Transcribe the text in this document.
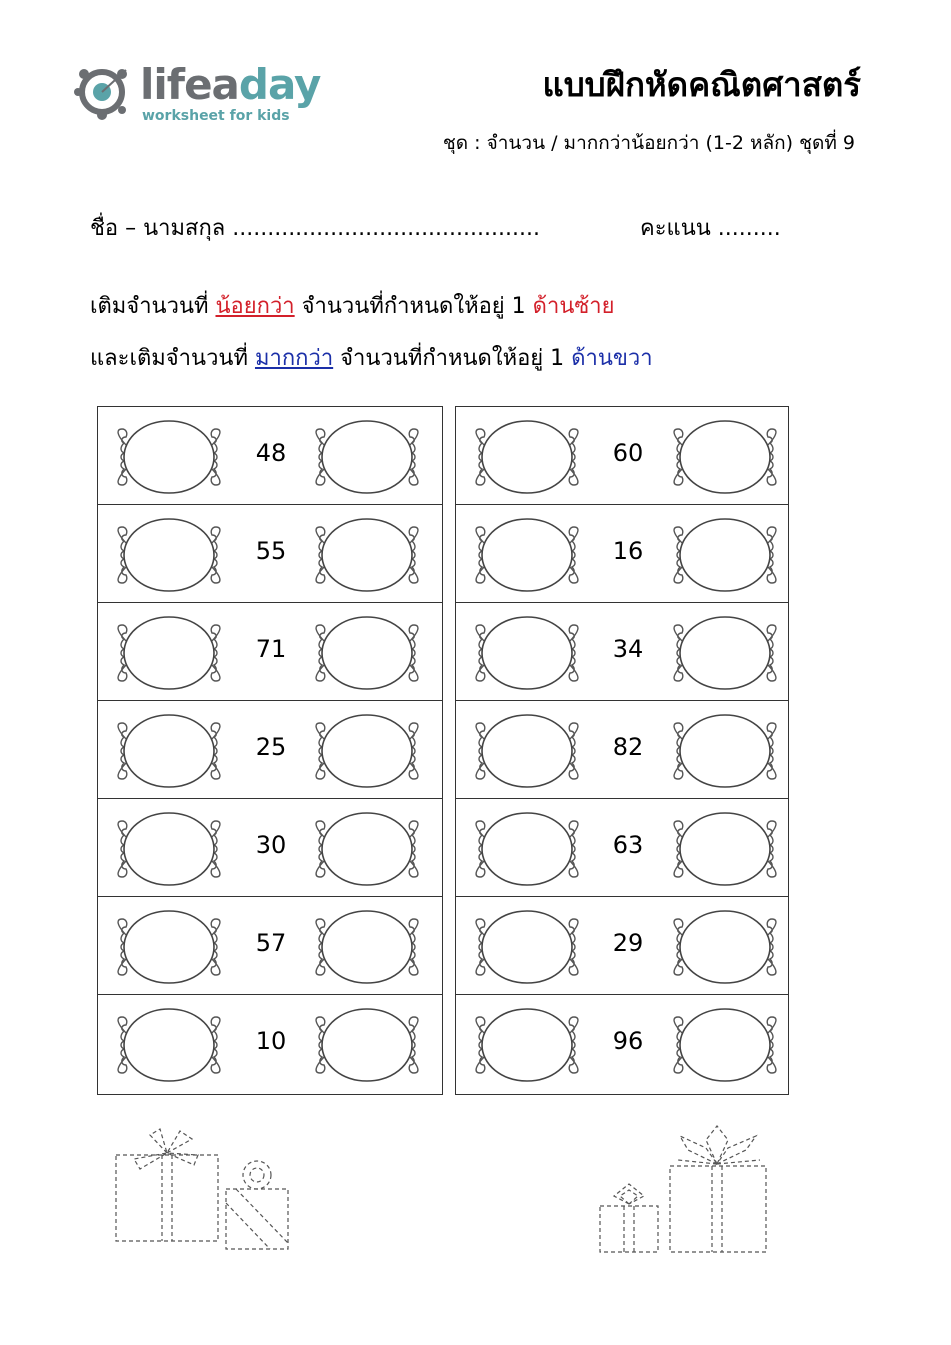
lifeaday
worksheet for kids
แบบฝึกหัดคณิตศาสตร์
ชุด : จำนวน / มากกว่าน้อยกว่า (1-2 หลัก) ชุดที่ 9
ชื่อ – นามสกุล ............................................	คะแนน .........
เติมจำนวนที่ น้อยกว่า จำนวนที่กำหนดให้อยู่ 1 ด้านซ้าย
และเติมจำนวนที่ มากกว่า จำนวนที่กำหนดให้อยู่ 1 ด้านขวา
48
55
71
25
30
57
10
60
16
34
82
63
29
96
